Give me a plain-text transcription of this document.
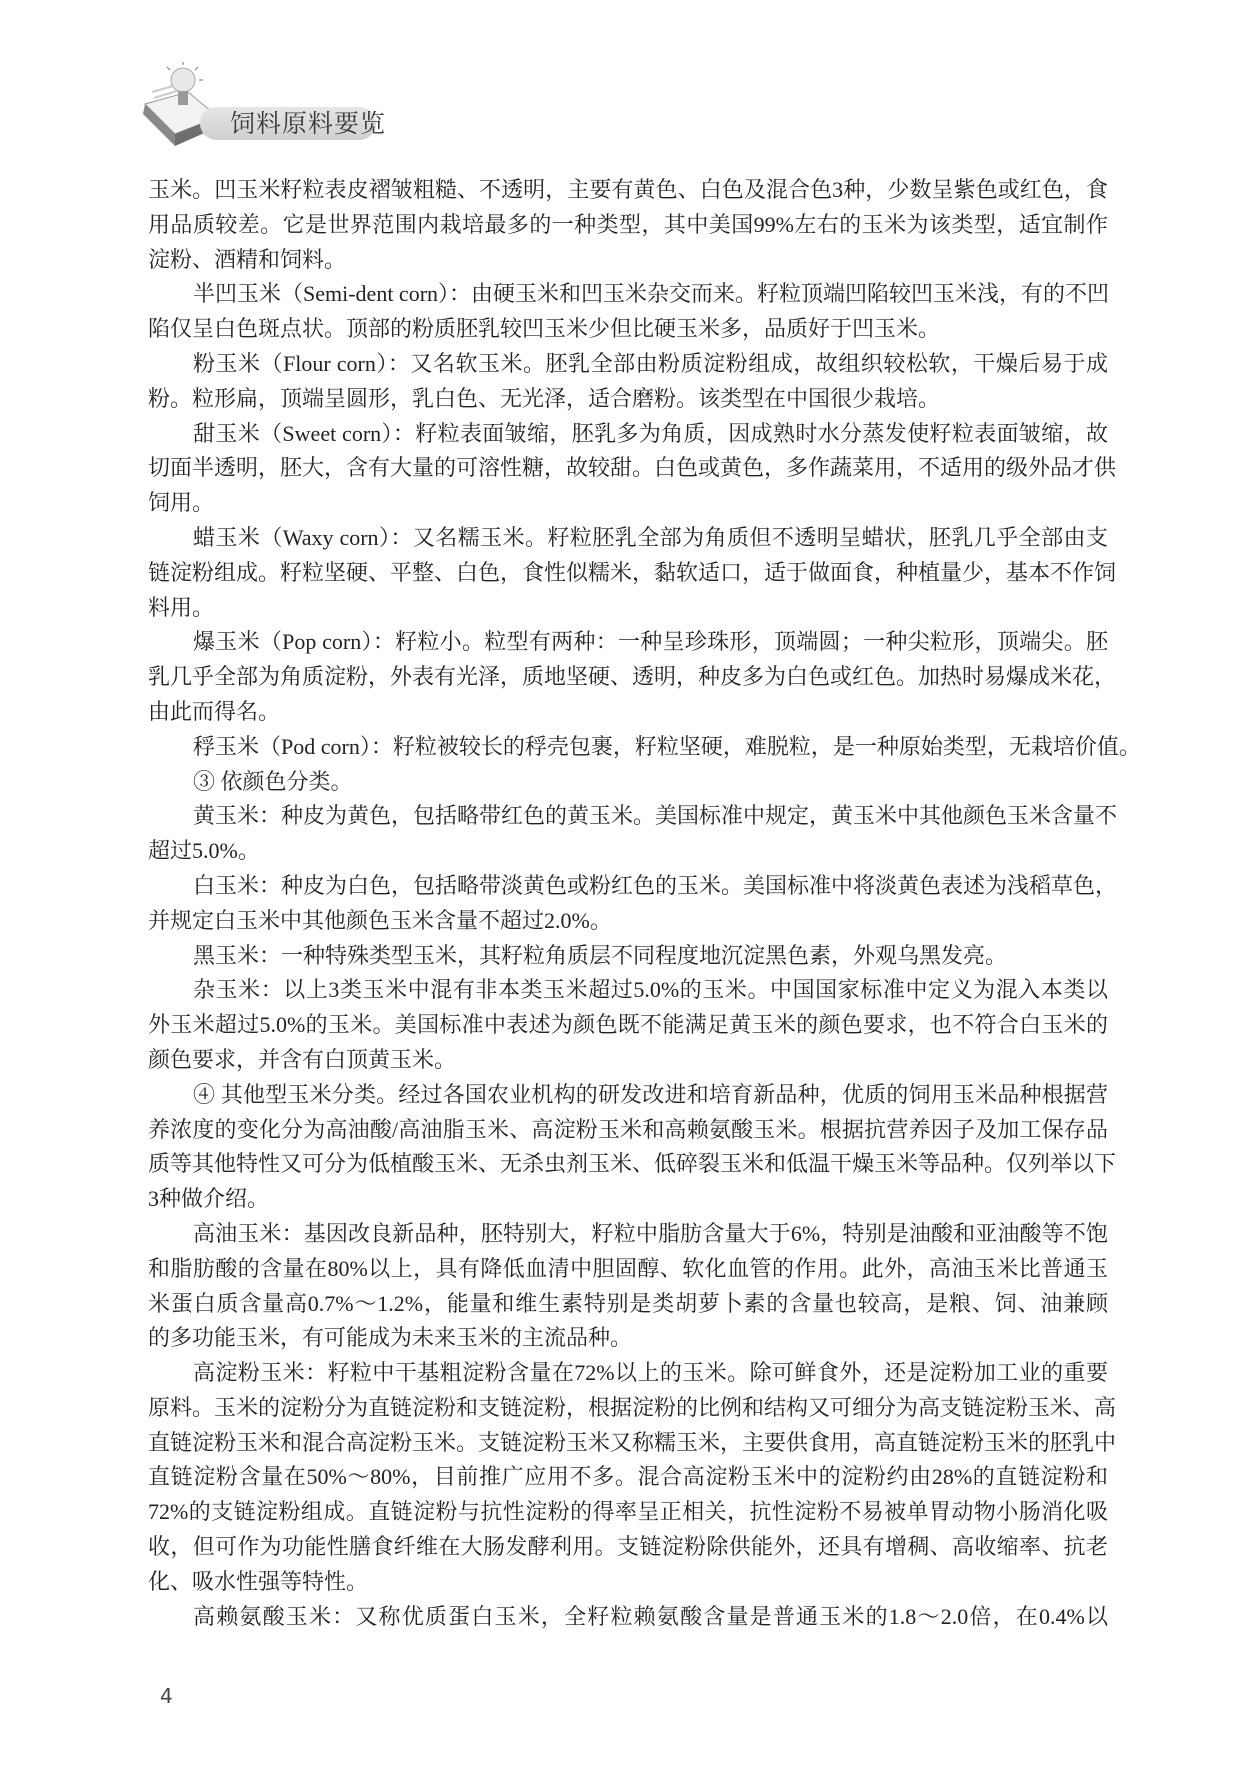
饲料原料要览
玉米。凹玉米籽粒表皮褶皱粗糙、不透明，主要有黄色、白色及混合色3种，少数呈紫色或红色，食
用品质较差。它是世界范围内栽培最多的一种类型，其中美国99%左右的玉米为该类型，适宜制作
淀粉、酒精和饲料。
半凹玉米（Semi-dent corn）：由硬玉米和凹玉米杂交而来。籽粒顶端凹陷较凹玉米浅，有的不凹
陷仅呈白色斑点状。顶部的粉质胚乳较凹玉米少但比硬玉米多，品质好于凹玉米。
粉玉米（Flour corn）：又名软玉米。胚乳全部由粉质淀粉组成，故组织较松软，干燥后易于成
粉。粒形扁，顶端呈圆形，乳白色、无光泽，适合磨粉。该类型在中国很少栽培。
甜玉米（Sweet corn）：籽粒表面皱缩，胚乳多为角质，因成熟时水分蒸发使籽粒表面皱缩，故
切面半透明，胚大，含有大量的可溶性糖，故较甜。白色或黄色，多作蔬菜用，不适用的级外品才供
饲用。
蜡玉米（Waxy corn）：又名糯玉米。籽粒胚乳全部为角质但不透明呈蜡状，胚乳几乎全部由支
链淀粉组成。籽粒坚硬、平整、白色，食性似糯米，黏软适口，适于做面食，种植量少，基本不作饲
料用。
爆玉米（Pop corn）：籽粒小。粒型有两种：一种呈珍珠形，顶端圆；一种尖粒形，顶端尖。胚
乳几乎全部为角质淀粉，外表有光泽，质地坚硬、透明，种皮多为白色或红色。加热时易爆成米花，
由此而得名。
稃玉米（Pod corn）：籽粒被较长的稃壳包裹，籽粒坚硬，难脱粒，是一种原始类型，无栽培价值。
③ 依颜色分类。
黄玉米：种皮为黄色，包括略带红色的黄玉米。美国标准中规定，黄玉米中其他颜色玉米含量不
超过5.0%。
白玉米：种皮为白色，包括略带淡黄色或粉红色的玉米。美国标准中将淡黄色表述为浅稻草色，
并规定白玉米中其他颜色玉米含量不超过2.0%。
黑玉米：一种特殊类型玉米，其籽粒角质层不同程度地沉淀黑色素，外观乌黑发亮。
杂玉米：以上3类玉米中混有非本类玉米超过5.0%的玉米。中国国家标准中定义为混入本类以
外玉米超过5.0%的玉米。美国标准中表述为颜色既不能满足黄玉米的颜色要求，也不符合白玉米的
颜色要求，并含有白顶黄玉米。
④ 其他型玉米分类。经过各国农业机构的研发改进和培育新品种，优质的饲用玉米品种根据营
养浓度的变化分为高油酸/高油脂玉米、高淀粉玉米和高赖氨酸玉米。根据抗营养因子及加工保存品
质等其他特性又可分为低植酸玉米、无杀虫剂玉米、低碎裂玉米和低温干燥玉米等品种。仅列举以下
3种做介绍。
高油玉米：基因改良新品种，胚特别大，籽粒中脂肪含量大于6%，特别是油酸和亚油酸等不饱
和脂肪酸的含量在80%以上，具有降低血清中胆固醇、软化血管的作用。此外，高油玉米比普通玉
米蛋白质含量高0.7%～1.2%，能量和维生素特别是类胡萝卜素的含量也较高，是粮、饲、油兼顾
的多功能玉米，有可能成为未来玉米的主流品种。
高淀粉玉米：籽粒中干基粗淀粉含量在72%以上的玉米。除可鲜食外，还是淀粉加工业的重要
原料。玉米的淀粉分为直链淀粉和支链淀粉，根据淀粉的比例和结构又可细分为高支链淀粉玉米、高
直链淀粉玉米和混合高淀粉玉米。支链淀粉玉米又称糯玉米，主要供食用，高直链淀粉玉米的胚乳中
直链淀粉含量在50%～80%，目前推广应用不多。混合高淀粉玉米中的淀粉约由28%的直链淀粉和
72%的支链淀粉组成。直链淀粉与抗性淀粉的得率呈正相关，抗性淀粉不易被单胃动物小肠消化吸
收，但可作为功能性膳食纤维在大肠发酵利用。支链淀粉除供能外，还具有增稠、高收缩率、抗老
化、吸水性强等特性。
高赖氨酸玉米：又称优质蛋白玉米，全籽粒赖氨酸含量是普通玉米的1.8～2.0倍，在0.4%以
4
